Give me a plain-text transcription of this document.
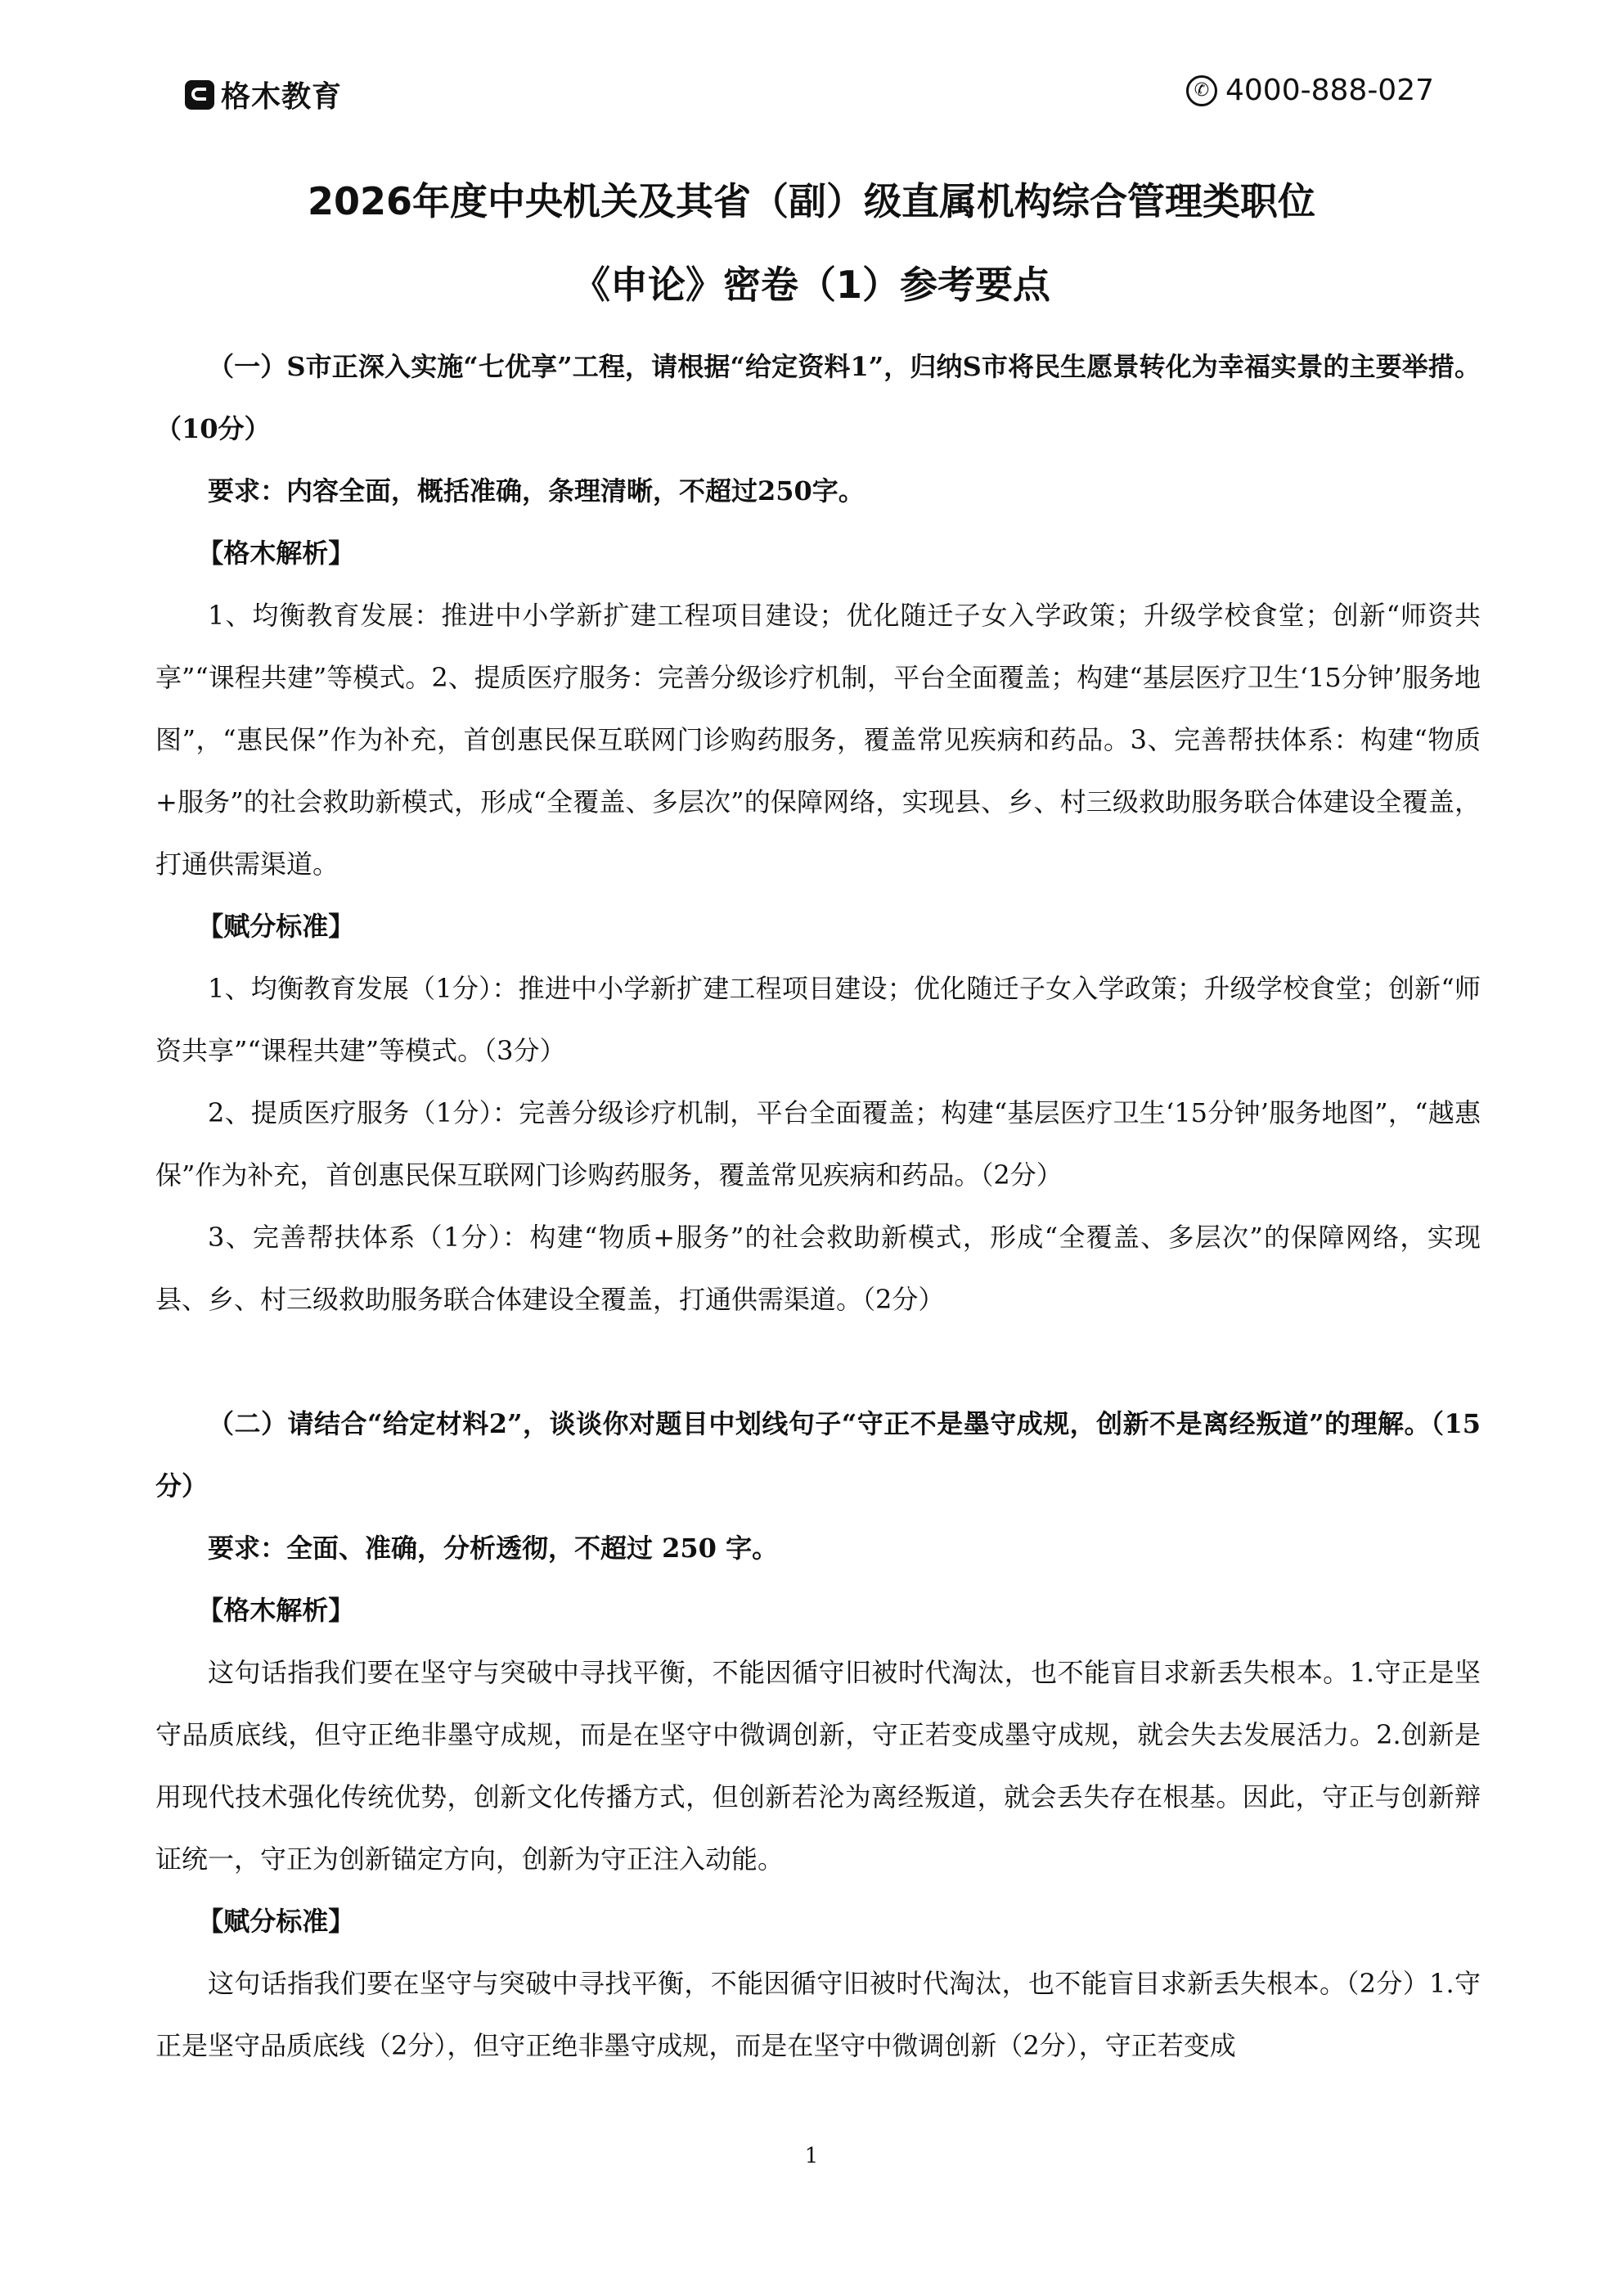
格木教育	✆ 4000-888-027
2026年度中央机关及其省（副）级直属机构综合管理类职位
《申论》密卷（1）参考要点

（一）S市正深入实施“七优享”工程，请根据“给定资料1”，归纳S市将民生愿景转化为幸福实景的主要举措。（10分）

要求：内容全面，概括准确，条理清晰，不超过250字。

【格木解析】

1、均衡教育发展：推进中小学新扩建工程项目建设；优化随迁子女入学政策；升级学校食堂；创新“师资共享”“课程共建”等模式。2、提质医疗服务：完善分级诊疗机制，平台全面覆盖；构建“基层医疗卫生‘15分钟’服务地图”，“惠民保”作为补充，首创惠民保互联网门诊购药服务，覆盖常见疾病和药品。3、完善帮扶体系：构建“物质+服务”的社会救助新模式，形成“全覆盖、多层次”的保障网络，实现县、乡、村三级救助服务联合体建设全覆盖，打通供需渠道。

【赋分标准】

1、均衡教育发展（1分）：推进中小学新扩建工程项目建设；优化随迁子女入学政策；升级学校食堂；创新“师资共享”“课程共建”等模式。（3分）

2、提质医疗服务（1分）：完善分级诊疗机制，平台全面覆盖；构建“基层医疗卫生‘15分钟’服务地图”，“越惠保”作为补充，首创惠民保互联网门诊购药服务，覆盖常见疾病和药品。（2分）

3、完善帮扶体系（1分）：构建“物质+服务”的社会救助新模式，形成“全覆盖、多层次”的保障网络，实现县、乡、村三级救助服务联合体建设全覆盖，打通供需渠道。（2分）

（二）请结合“给定材料2”，谈谈你对题目中划线句子“守正不是墨守成规，创新不是离经叛道”的理解。（15分）

要求：全面、准确，分析透彻，不超过 250 字。

【格木解析】

这句话指我们要在坚守与突破中寻找平衡，不能因循守旧被时代淘汰，也不能盲目求新丢失根本。1.守正是坚守品质底线，但守正绝非墨守成规，而是在坚守中微调创新，守正若变成墨守成规，就会失去发展活力。2.创新是用现代技术强化传统优势，创新文化传播方式，但创新若沦为离经叛道，就会丢失存在根基。因此，守正与创新辩证统一，守正为创新锚定方向，创新为守正注入动能。

【赋分标准】

这句话指我们要在坚守与突破中寻找平衡，不能因循守旧被时代淘汰，也不能盲目求新丢失根本。（2分）1.守正是坚守品质底线（2分），但守正绝非墨守成规，而是在坚守中微调创新（2分），守正若变成

1
